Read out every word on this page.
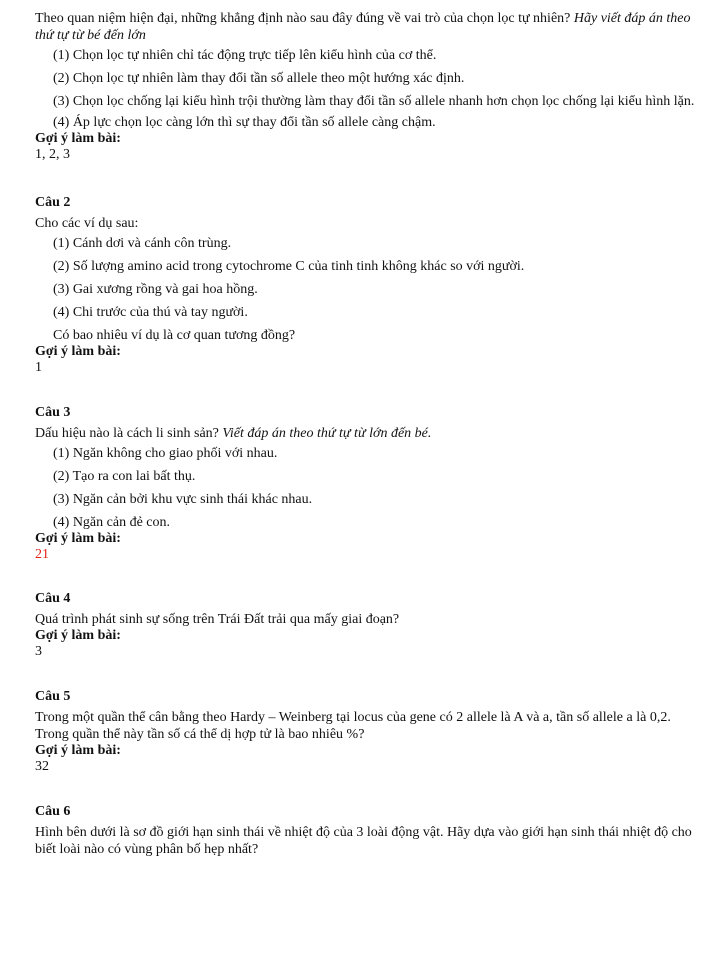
Theo quan niệm hiện đại, những khẳng định nào sau đây đúng về vai trò của chọn lọc tự nhiên? Hãy viết đáp án theo thứ tự từ bé đến lớn

(1) Chọn lọc tự nhiên chỉ tác động trực tiếp lên kiểu hình của cơ thể.

(2) Chọn lọc tự nhiên làm thay đổi tần số allele theo một hướng xác định.

(3) Chọn lọc chống lại kiểu hình trội thường làm thay đổi tần số allele nhanh hơn chọn lọc chống lại kiểu hình lặn.

(4) Áp lực chọn lọc càng lớn thì sự thay đổi tần số allele càng chậm.

Gợi ý làm bài:

1, 2, 3

Câu 2

Cho các ví dụ sau:

(1) Cánh dơi và cánh côn trùng.

(2) Số lượng amino acid trong cytochrome C của tinh tinh không khác so với người.

(3) Gai xương rồng và gai hoa hồng.

(4) Chi trước của thú và tay người.

Có bao nhiêu ví dụ là cơ quan tương đồng?

Gợi ý làm bài:

1

Câu 3

Dấu hiệu nào là cách li sinh sản? Viết đáp án theo thứ tự từ lớn đến bé.

(1) Ngăn không cho giao phối với nhau.

(2) Tạo ra con lai bất thụ.

(3) Ngăn cản bởi khu vực sinh thái khác nhau.

(4) Ngăn cản đẻ con.

Gợi ý làm bài:

21

Câu 4

Quá trình phát sinh sự sống trên Trái Đất trải qua mấy giai đoạn?

Gợi ý làm bài:

3

Câu 5

Trong một quần thể cân bằng theo Hardy – Weinberg tại locus của gene có 2 allele là A và a, tần số allele a là 0,2. Trong quần thể này tần số cá thể dị hợp tử là bao nhiêu %?

Gợi ý làm bài:

32

Câu 6

Hình bên dưới là sơ đồ giới hạn sinh thái về nhiệt độ của 3 loài động vật. Hãy dựa vào giới hạn sinh thái nhiệt độ cho biết loài nào có vùng phân bố hẹp nhất?
